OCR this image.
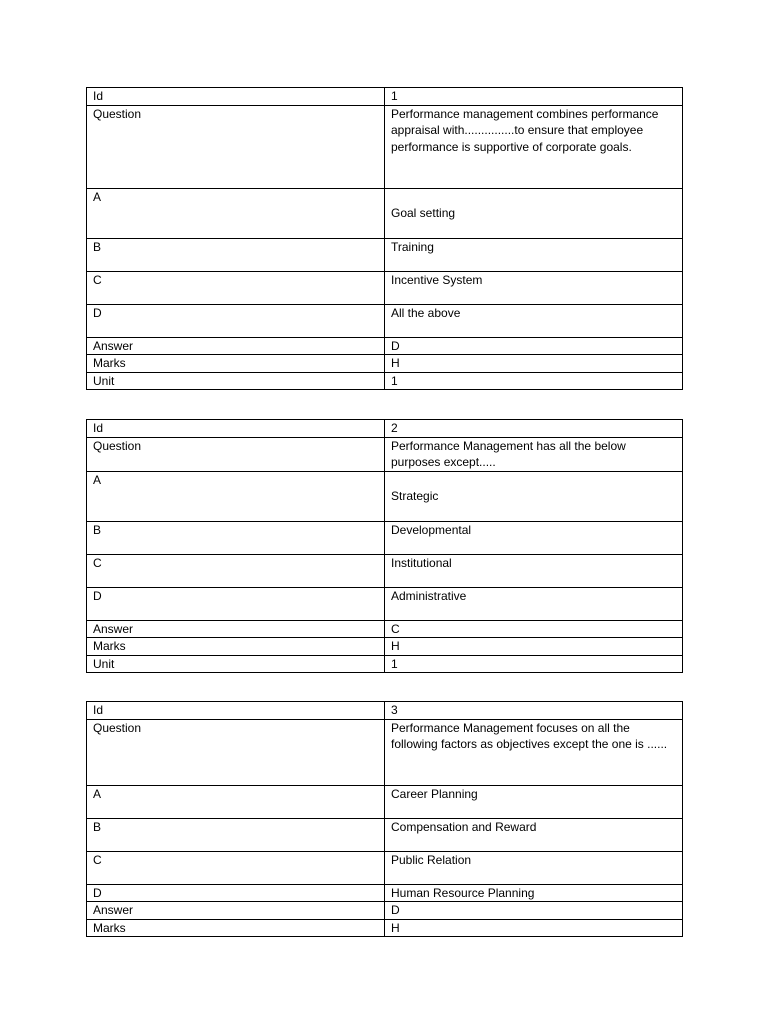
Id	1
Question	Performance management combines performance appraisal with...............to ensure that employee performance is supportive of corporate goals.
A	Goal setting
B	Training
C	Incentive System
D	All the above
Answer	D
Marks	H
Unit	1
Id	2
Question	Performance Management has all the below purposes except.....
A	Strategic
B	Developmental
C	Institutional
D	Administrative
Answer	C
Marks	H
Unit	1
Id	3
Question	Performance Management focuses on all the following factors as objectives except the one is ......
A	Career Planning
B	Compensation and Reward
C	Public Relation
D	Human Resource Planning
Answer	D
Marks	H
